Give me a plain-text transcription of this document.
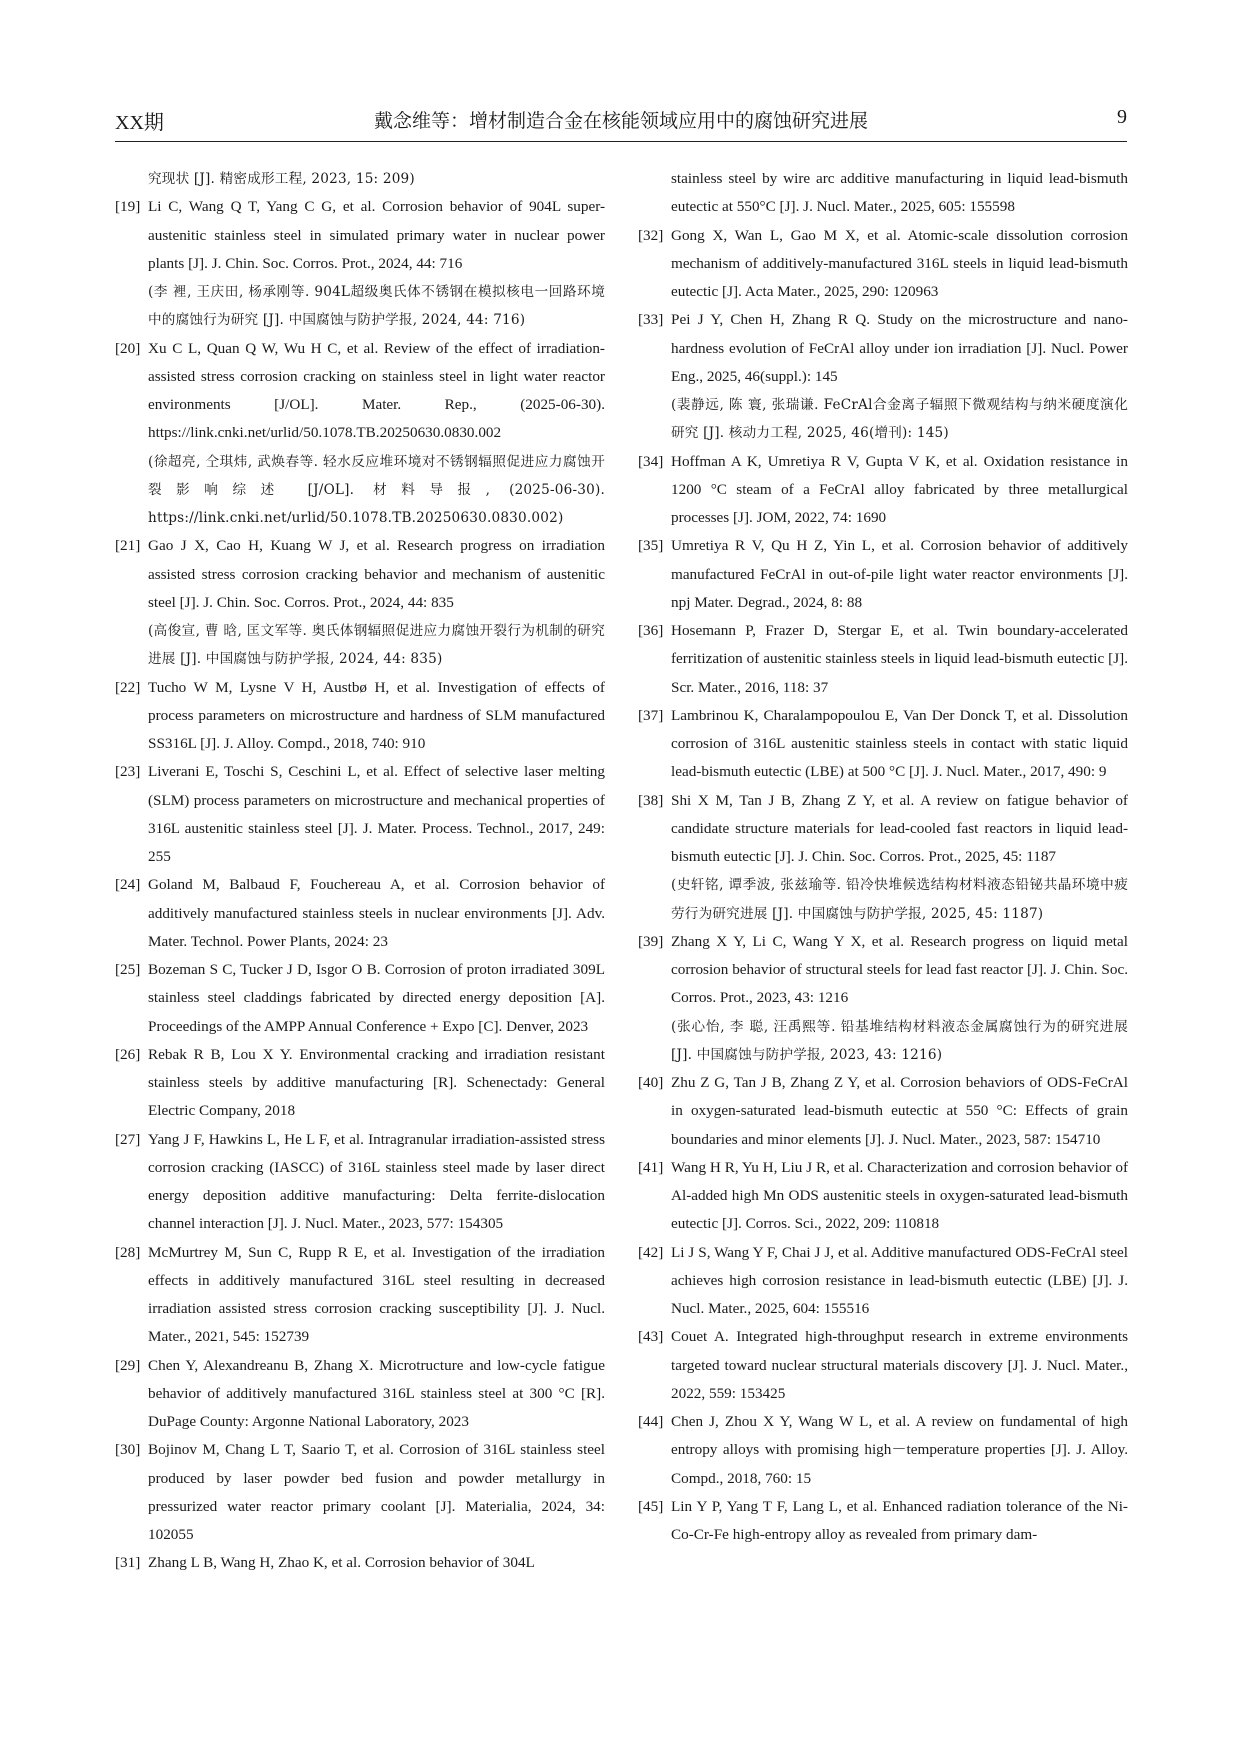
XX期	戴念维等：增材制造合金在核能领域应用中的腐蚀研究进展	9
究现状 [J]. 精密成形工程, 2023, 15: 209)
[19] Li C, Wang Q T, Yang C G, et al. Corrosion behavior of 904L super-austenitic stainless steel in simulated primary water in nuclear power plants [J]. J. Chin. Soc. Corros. Prot., 2024, 44: 716
(李 裡, 王庆田, 杨承刚等. 904L超级奥氏体不锈钢在模拟核电一回路环境中的腐蚀行为研究 [J]. 中国腐蚀与防护学报, 2024, 44: 716)
[20] Xu C L, Quan Q W, Wu H C, et al. Review of the effect of irradiation-assisted stress corrosion cracking on stainless steel in light water reactor environments [J/OL]. Mater. Rep., (2025-06-30). https://link.cnki.net/urlid/50.1078.TB.20250630.0830.002
(徐超亮, 仝琪炜, 武焕春等. 轻水反应堆环境对不锈钢辐照促进应力腐蚀开裂影响综述 [J/OL]. 材料导报, (2025-06-30). https://link.cnki.net/urlid/50.1078.TB.20250630.0830.002)
[21] Gao J X, Cao H, Kuang W J, et al. Research progress on irradiation assisted stress corrosion cracking behavior and mechanism of austenitic steel [J]. J. Chin. Soc. Corros. Prot., 2024, 44: 835
(高俊宣, 曹 晗, 匡文军等. 奥氏体钢辐照促进应力腐蚀开裂行为机制的研究进展 [J]. 中国腐蚀与防护学报, 2024, 44: 835)
[22] Tucho W M, Lysne V H, Austbø H, et al. Investigation of effects of process parameters on microstructure and hardness of SLM manufactured SS316L [J]. J. Alloy. Compd., 2018, 740: 910
[23] Liverani E, Toschi S, Ceschini L, et al. Effect of selective laser melting (SLM) process parameters on microstructure and mechanical properties of 316L austenitic stainless steel [J]. J. Mater. Process. Technol., 2017, 249: 255
[24] Goland M, Balbaud F, Fouchereau A, et al. Corrosion behavior of additively manufactured stainless steels in nuclear environments [J]. Adv. Mater. Technol. Power Plants, 2024: 23
[25] Bozeman S C, Tucker J D, Isgor O B. Corrosion of proton irradiated 309L stainless steel claddings fabricated by directed energy deposition [A]. Proceedings of the AMPP Annual Conference + Expo [C]. Denver, 2023
[26] Rebak R B, Lou X Y. Environmental cracking and irradiation resistant stainless steels by additive manufacturing [R]. Schenectady: General Electric Company, 2018
[27] Yang J F, Hawkins L, He L F, et al. Intragranular irradiation-assisted stress corrosion cracking (IASCC) of 316L stainless steel made by laser direct energy deposition additive manufacturing: Delta ferrite-dislocation channel interaction [J]. J. Nucl. Mater., 2023, 577: 154305
[28] McMurtrey M, Sun C, Rupp R E, et al. Investigation of the irradiation effects in additively manufactured 316L steel resulting in decreased irradiation assisted stress corrosion cracking susceptibility [J]. J. Nucl. Mater., 2021, 545: 152739
[29] Chen Y, Alexandreanu B, Zhang X. Microtructure and low-cycle fatigue behavior of additively manufactured 316L stainless steel at 300 °C [R]. DuPage County: Argonne National Laboratory, 2023
[30] Bojinov M, Chang L T, Saario T, et al. Corrosion of 316L stainless steel produced by laser powder bed fusion and powder metallurgy in pressurized water reactor primary coolant [J]. Materialia, 2024, 34: 102055
[31] Zhang L B, Wang H, Zhao K, et al. Corrosion behavior of 304L
stainless steel by wire arc additive manufacturing in liquid lead-bismuth eutectic at 550°C [J]. J. Nucl. Mater., 2025, 605: 155598
[32] Gong X, Wan L, Gao M X, et al. Atomic-scale dissolution corrosion mechanism of additively-manufactured 316L steels in liquid lead-bismuth eutectic [J]. Acta Mater., 2025, 290: 120963
[33] Pei J Y, Chen H, Zhang R Q. Study on the microstructure and nano-hardness evolution of FeCrAl alloy under ion irradiation [J]. Nucl. Power Eng., 2025, 46(suppl.): 145
(裴静远, 陈 寰, 张瑞谦. FeCrAl合金离子辐照下微观结构与纳米硬度演化研究 [J]. 核动力工程, 2025, 46(增刊): 145)
[34] Hoffman A K, Umretiya R V, Gupta V K, et al. Oxidation resistance in 1200 °C steam of a FeCrAl alloy fabricated by three metallurgical processes [J]. JOM, 2022, 74: 1690
[35] Umretiya R V, Qu H Z, Yin L, et al. Corrosion behavior of additively manufactured FeCrAl in out-of-pile light water reactor environments [J]. npj Mater. Degrad., 2024, 8: 88
[36] Hosemann P, Frazer D, Stergar E, et al. Twin boundary-accelerated ferritization of austenitic stainless steels in liquid lead-bismuth eutectic [J]. Scr. Mater., 2016, 118: 37
[37] Lambrinou K, Charalampopoulou E, Van Der Donck T, et al. Dissolution corrosion of 316L austenitic stainless steels in contact with static liquid lead-bismuth eutectic (LBE) at 500 °C [J]. J. Nucl. Mater., 2017, 490: 9
[38] Shi X M, Tan J B, Zhang Z Y, et al. A review on fatigue behavior of candidate structure materials for lead-cooled fast reactors in liquid lead-bismuth eutectic [J]. J. Chin. Soc. Corros. Prot., 2025, 45: 1187
(史轩铭, 谭季波, 张兹瑜等. 铅冷快堆候选结构材料液态铅铋共晶环境中疲劳行为研究进展 [J]. 中国腐蚀与防护学报, 2025, 45: 1187)
[39] Zhang X Y, Li C, Wang Y X, et al. Research progress on liquid metal corrosion behavior of structural steels for lead fast reactor [J]. J. Chin. Soc. Corros. Prot., 2023, 43: 1216
(张心怡, 李 聪, 汪禹熙等. 铅基堆结构材料液态金属腐蚀行为的研究进展 [J]. 中国腐蚀与防护学报, 2023, 43: 1216)
[40] Zhu Z G, Tan J B, Zhang Z Y, et al. Corrosion behaviors of ODS-FeCrAl in oxygen-saturated lead-bismuth eutectic at 550 °C: Effects of grain boundaries and minor elements [J]. J. Nucl. Mater., 2023, 587: 154710
[41] Wang H R, Yu H, Liu J R, et al. Characterization and corrosion behavior of Al-added high Mn ODS austenitic steels in oxygen-saturated lead-bismuth eutectic [J]. Corros. Sci., 2022, 209: 110818
[42] Li J S, Wang Y F, Chai J J, et al. Additive manufactured ODS-FeCrAl steel achieves high corrosion resistance in lead-bismuth eutectic (LBE) [J]. J. Nucl. Mater., 2025, 604: 155516
[43] Couet A. Integrated high-throughput research in extreme environments targeted toward nuclear structural materials discovery [J]. J. Nucl. Mater., 2022, 559: 153425
[44] Chen J, Zhou X Y, Wang W L, et al. A review on fundamental of high entropy alloys with promising high－temperature properties [J]. J. Alloy. Compd., 2018, 760: 15
[45] Lin Y P, Yang T F, Lang L, et al. Enhanced radiation tolerance of the Ni-Co-Cr-Fe high-entropy alloy as revealed from primary dam-
